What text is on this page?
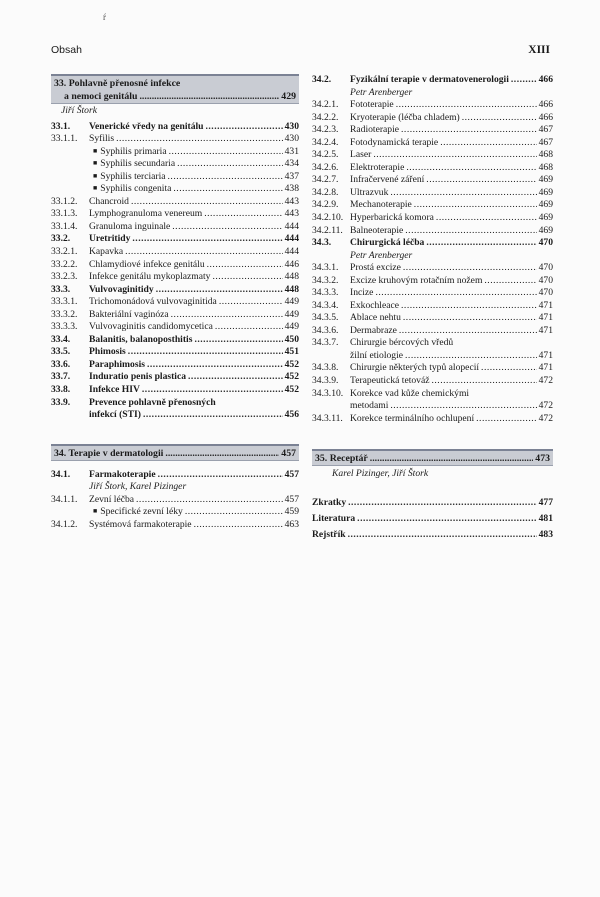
Obsah	XIII
ŕ
33. Pohlavně přenosné infekce
a nemoci genitálu .....	429
Jiří Štork
33.1.	Venerické vředy na genitálu .....	430
33.1.1.	Syfilis .....	430
■ Syphilis primaria .....	431
■ Syphilis secundaria .....	434
■ Syphilis terciaria .....	437
■ Syphilis congenita .....	438
33.1.2.	Chancroid .....	443
33.1.3.	Lymphogranuloma venereum .....	443
33.1.4.	Granuloma inguinale .....	444
33.2.	Uretritidy .....	444
33.2.1.	Kapavka .....	444
33.2.2.	Chlamydiové infekce genitálu .....	446
33.2.3.	Infekce genitálu mykoplazmaty .....	448
33.3.	Vulvovaginitidy .....	448
33.3.1.	Trichomonádová vulvovaginitida .....	449
33.3.2.	Bakteriální vaginóza .....	449
33.3.3.	Vulvovaginitis candidomycetica .....	449
33.4.	Balanitis, balanoposthitis .....	450
33.5.	Phimosis .....	451
33.6.	Paraphimosis .....	452
33.7.	Induratio penis plastica .....	452
33.8.	Infekce HIV .....	452
33.9.	Prevence pohlavně přenosných
infekcí (STI) .....	456
34. Terapie v dermatologii .....	457
34.1.	Farmakoterapie .....	457
Jiří Štork, Karel Pizinger
34.1.1.	Zevní léčba .....	457
■ Specifické zevní léky .....	459
34.1.2.	Systémová farmakoterapie .....	463
34.2.	Fyzikální terapie v dermatovenerologii .....	466
Petr Arenberger
34.2.1.	Fototerapie .....	466
34.2.2.	Kryoterapie (léčba chladem) .....	466
34.2.3.	Radioterapie .....	467
34.2.4.	Fotodynamická terapie .....	467
34.2.5.	Laser .....	468
34.2.6.	Elektroterapie .....	468
34.2.7.	Infračervené záření .....	469
34.2.8.	Ultrazvuk .....	469
34.2.9.	Mechanoterapie .....	469
34.2.10. Hyperbarická komora .....	469
34.2.11. Balneoterapie .....	469
34.3.	Chirurgická léčba .....	470
Petr Arenberger
34.3.1.	Prostá excize .....	470
34.3.2.	Excize kruhovým rotačním nožem .....	470
34.3.3.	Incize .....	470
34.3.4.	Exkochleace .....	471
34.3.5.	Ablace nehtu .....	471
34.3.6.	Dermabraze .....	471
34.3.7.	Chirurgie bércových vředů
žilní etiologie .....	471
34.3.8.	Chirurgie některých typů alopecií .....	471
34.3.9.	Terapeutická tetováž .....	472
34.3.10. Korekce vad kůže chemickými
metodami .....	472
34.3.11. Korekce terminálního ochlupení .....	472
35. Receptář .....	473
Karel Pizinger, Jiří Štork
Zkratky .....	477
Literatura .....	481
Rejstřík .....	483
